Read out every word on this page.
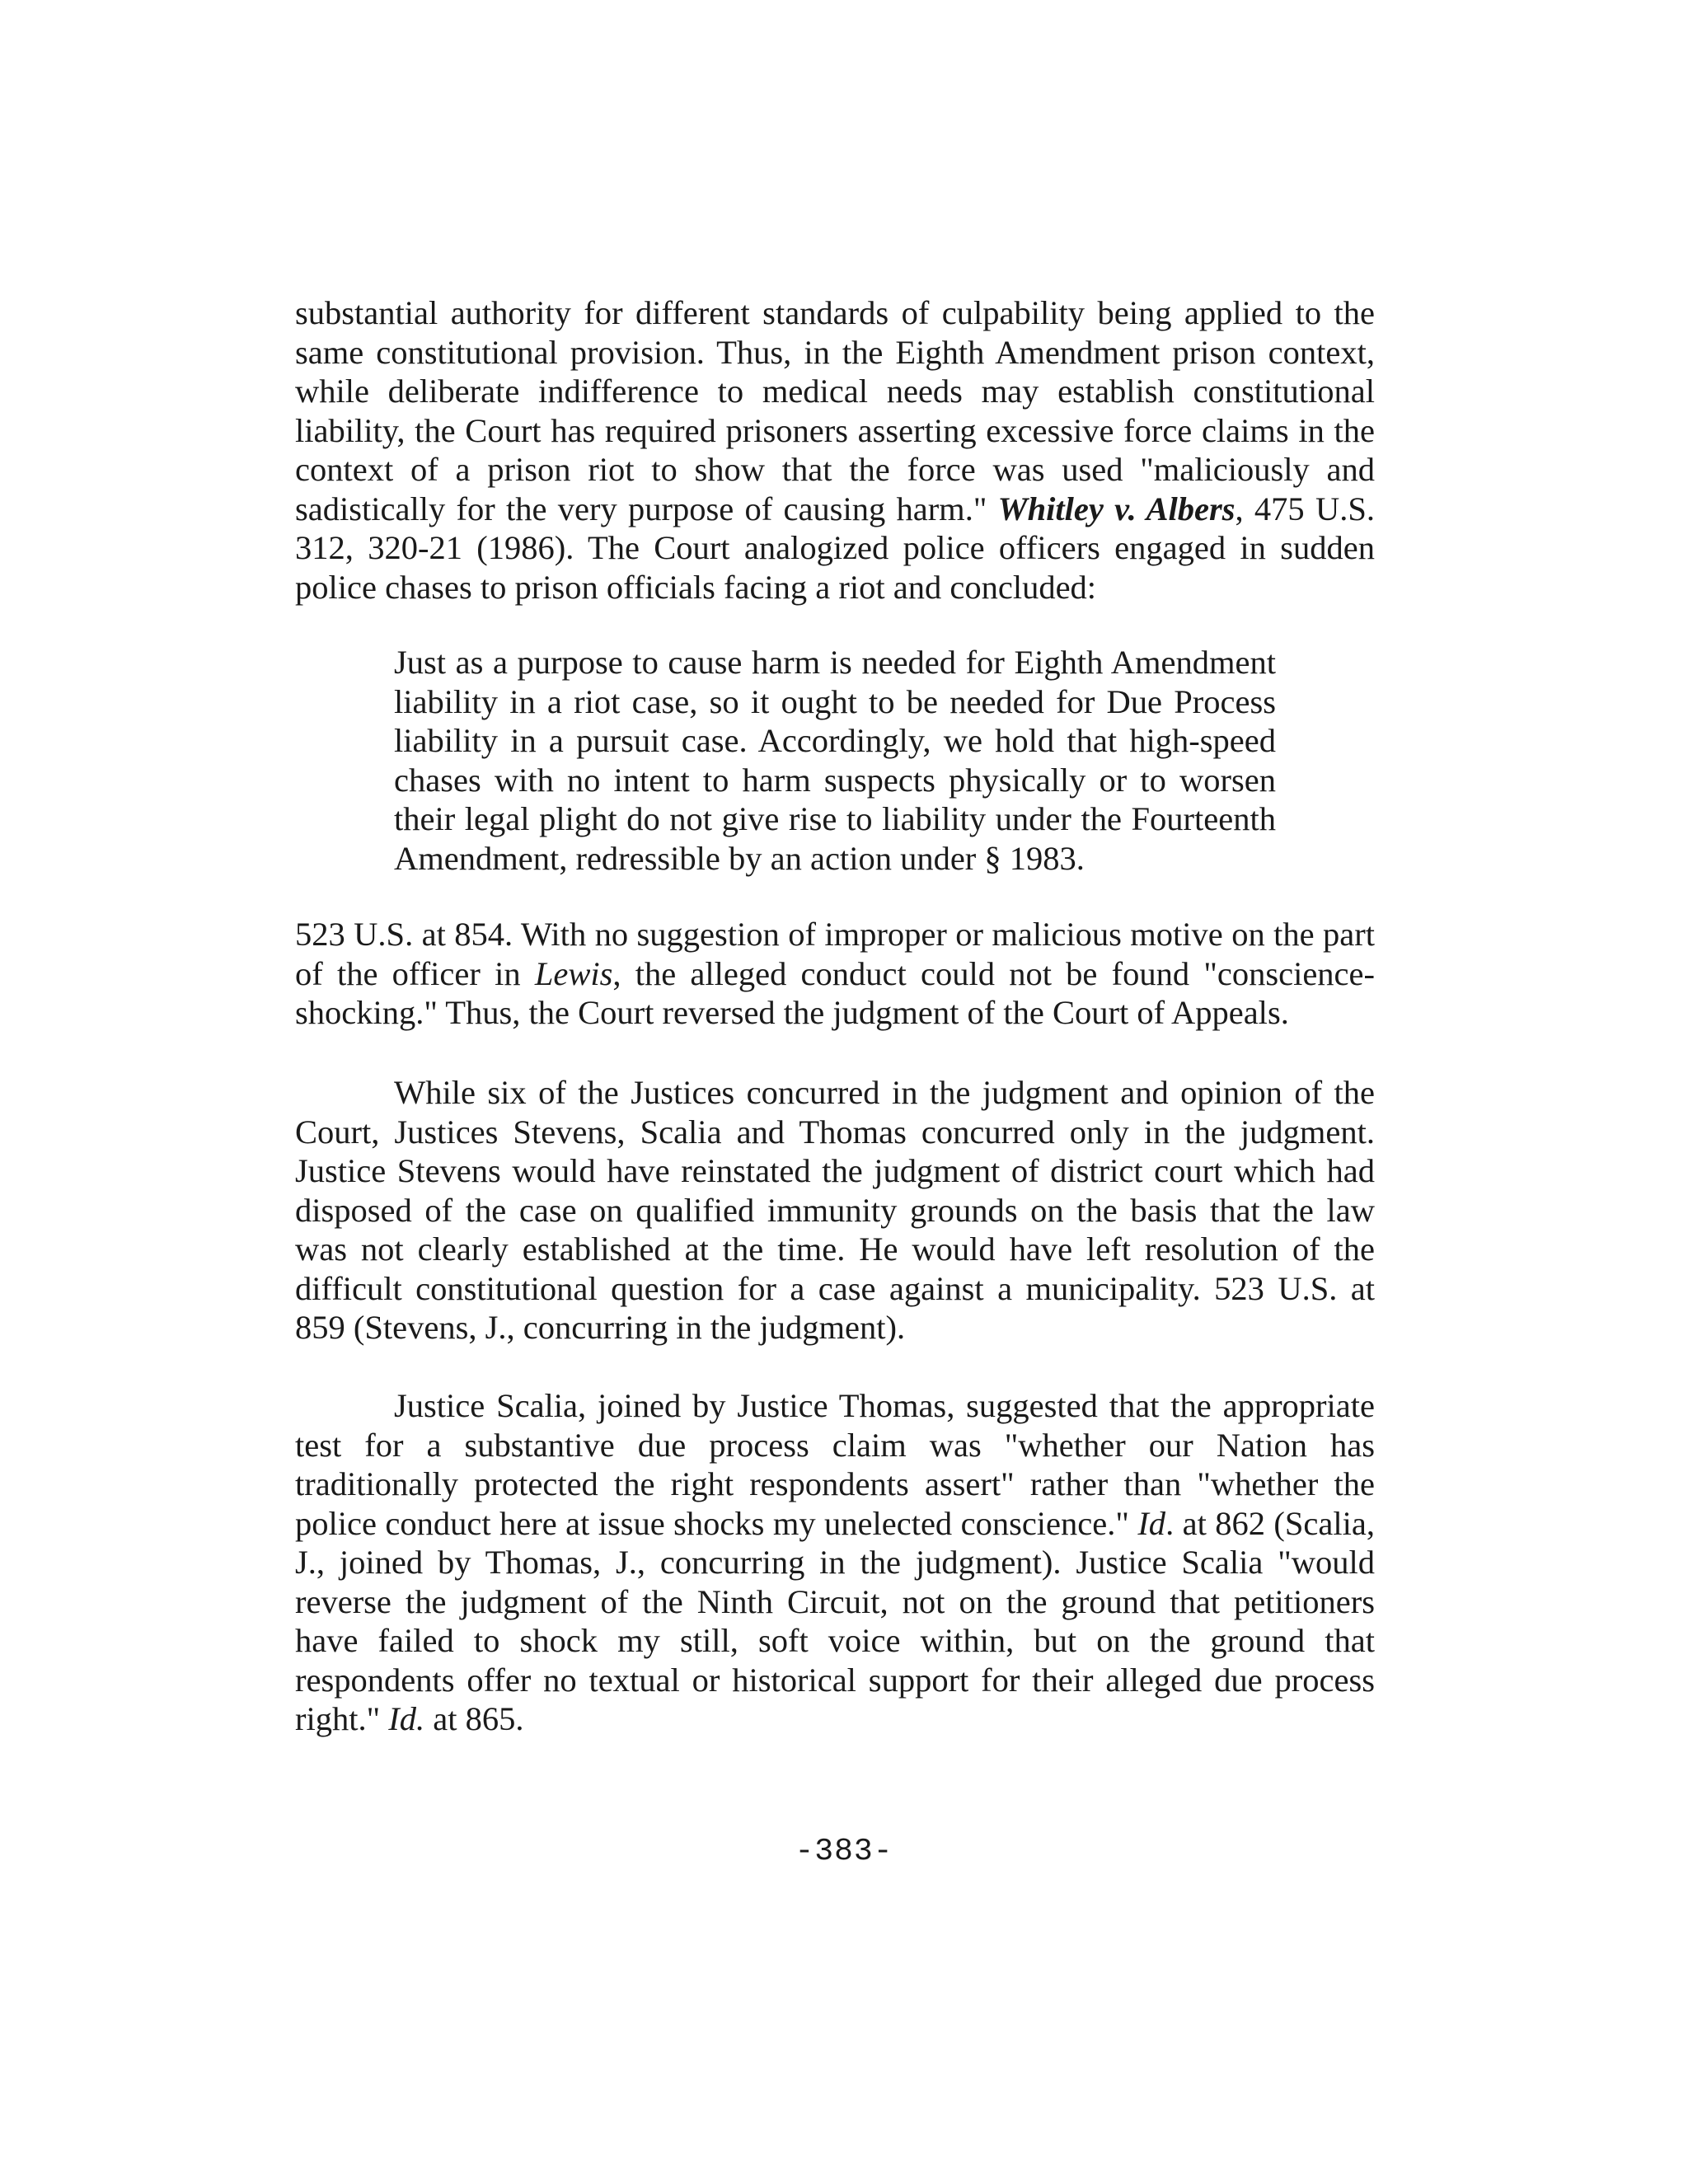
substantial authority for different standards of culpability being applied to the same constitutional provision. Thus, in the Eighth Amendment prison context, while deliberate indifference to medical needs may establish constitutional liability, the Court has required prisoners asserting excessive force claims in the context of a prison riot to show that the force was used "maliciously and sadistically for the very purpose of causing harm." Whitley v. Albers, 475 U.S. 312, 320-21 (1986). The Court analogized police officers engaged in sudden police chases to prison officials facing a riot and concluded:
Just as a purpose to cause harm is needed for Eighth Amendment liability in a riot case, so it ought to be needed for Due Process liability in a pursuit case. Accordingly, we hold that high-speed chases with no intent to harm suspects physically or to worsen their legal plight do not give rise to liability under the Fourteenth Amendment, redressible by an action under § 1983.
523 U.S. at 854. With no suggestion of improper or malicious motive on the part of the officer in Lewis, the alleged conduct could not be found "conscience-shocking." Thus, the Court reversed the judgment of the Court of Appeals.
While six of the Justices concurred in the judgment and opinion of the Court, Justices Stevens, Scalia and Thomas concurred only in the judgment. Justice Stevens would have reinstated the judgment of district court which had disposed of the case on qualified immunity grounds on the basis that the law was not clearly established at the time. He would have left resolution of the difficult constitutional question for a case against a municipality. 523 U.S. at 859 (Stevens, J., concurring in the judgment).
Justice Scalia, joined by Justice Thomas, suggested that the appropriate test for a substantive due process claim was "whether our Nation has traditionally protected the right respondents assert" rather than "whether the police conduct here at issue shocks my unelected conscience." Id. at 862 (Scalia, J., joined by Thomas, J., concurring in the judgment). Justice Scalia "would reverse the judgment of the Ninth Circuit, not on the ground that petitioners have failed to shock my still, soft voice within, but on the ground that respondents offer no textual or historical support for their alleged due process right." Id. at 865.
-383-
